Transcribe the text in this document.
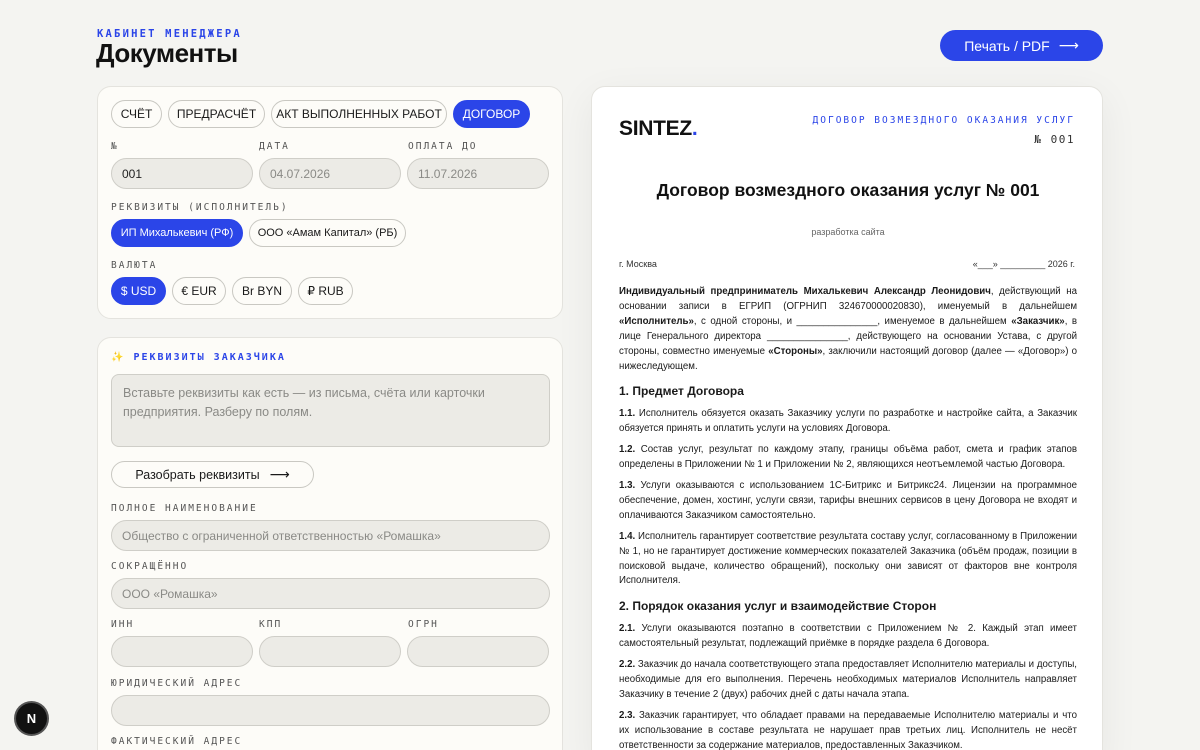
КАБИНЕТ МЕНЕДЖЕРА
Документы	Печать / PDF ⟶
СЧЁТ	ПРЕДРАСЧЁТ	АКТ ВЫПОЛНЕННЫХ РАБОТ	ДОГОВОР
№	ДАТА	ОПЛАТА ДО
001	04.07.2026	11.07.2026
РЕКВИЗИТЫ (ИСПОЛНИТЕЛЬ)
ИП Михалькевич (РФ)	ООО «Амам Капитал» (РБ)
ВАЛЮТА
$ USD	€ EUR	Br BYN	₽ RUB
✨ РЕКВИЗИТЫ ЗАКАЗЧИКА
Вставьте реквизиты как есть — из письма, счёта или карточки предприятия. Разберу по полям.
Разобрать реквизиты ⟶
ПОЛНОЕ НАИМЕНОВАНИЕ
Общество с ограниченной ответственностью «Ромашка»
СОКРАЩЁННО
ООО «Ромашка»
ИНН	КПП	ОГРН
ЮРИДИЧЕСКИЙ АДРЕС
ФАКТИЧЕСКИЙ АДРЕС
SINTEZ.	ДОГОВОР ВОЗМЕЗДНОГО ОКАЗАНИЯ УСЛУГ
№ 001
Договор возмездного оказания услуг № 001
разработка сайта
г. Москва	«___» _________ 2026 г.

Индивидуальный предприниматель Михалькевич Александр Леонидович, действующий на основании записи в ЕГРИП (ОГРНИП 324670000020830), именуемый в дальнейшем «Исполнитель», с одной стороны, и _______________, именуемое в дальнейшем «Заказчик», в лице Генерального директора _______________, действующего на основании Устава, с другой стороны, совместно именуемые «Стороны», заключили настоящий договор (далее — «Договор») о нижеследующем.

1. Предмет Договора

1.1. Исполнитель обязуется оказать Заказчику услуги по разработке и настройке сайта, а Заказчик обязуется принять и оплатить услуги на условиях Договора.

1.2. Состав услуг, результат по каждому этапу, границы объёма работ, смета и график этапов определены в Приложении № 1 и Приложении № 2, являющихся неотъемлемой частью Договора.

1.3. Услуги оказываются с использованием 1С-Битрикс и Битрикс24. Лицензии на программное обеспечение, домен, хостинг, услуги связи, тарифы внешних сервисов в цену Договора не входят и оплачиваются Заказчиком самостоятельно.

1.4. Исполнитель гарантирует соответствие результата составу услуг, согласованному в Приложении № 1, но не гарантирует достижение коммерческих показателей Заказчика (объём продаж, позиции в поисковой выдаче, количество обращений), поскольку они зависят от факторов вне контроля Исполнителя.

2. Порядок оказания услуг и взаимодействие Сторон

2.1. Услуги оказываются поэтапно в соответствии с Приложением № 2. Каждый этап имеет самостоятельный результат, подлежащий приёмке в порядке раздела 6 Договора.

2.2. Заказчик до начала соответствующего этапа предоставляет Исполнителю материалы и доступы, необходимые для его выполнения. Перечень необходимых материалов Исполнитель направляет Заказчику в течение 2 (двух) рабочих дней с даты начала этапа.

2.3. Заказчик гарантирует, что обладает правами на передаваемые Исполнителю материалы и что их использование в составе результата не нарушает прав третьих лиц. Исполнитель не несёт ответственности за содержание материалов, предоставленных Заказчиком.

N
